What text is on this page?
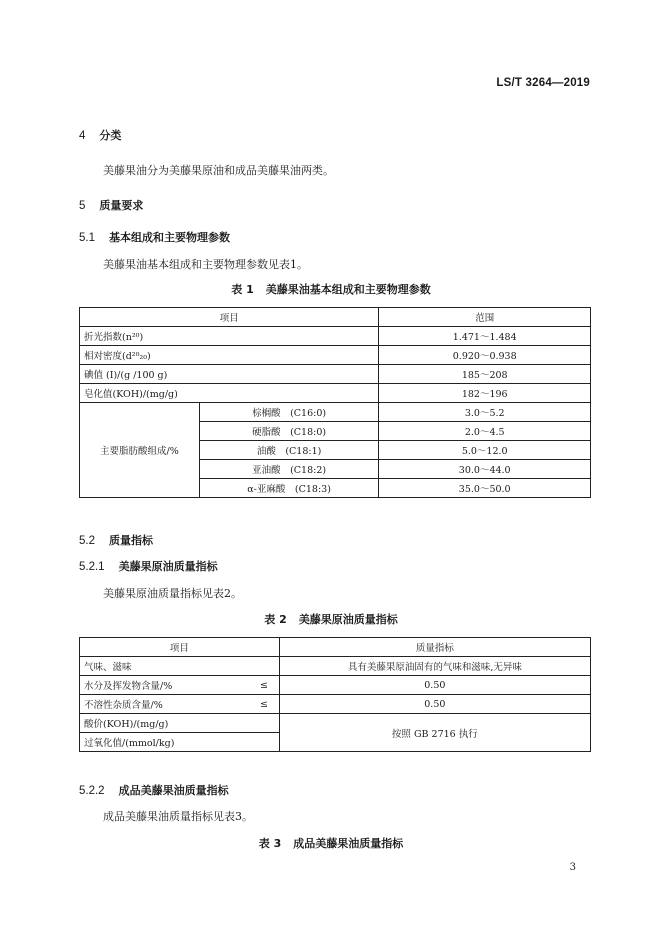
LS/T 3264—2019
4 分类
美藤果油分为美藤果原油和成品美藤果油两类。
5 质量要求
5.1 基本组成和主要物理参数
美藤果油基本组成和主要物理参数见表1。
表 1 美藤果油基本组成和主要物理参数
项目		范围
折光指数(n²⁰)		1.471～1.484
相对密度(d²⁰₂₀)		0.920～0.938
碘值 (I)/(g /100 g)		185～208
皂化值(KOH)/(mg/g)		182～196
主要脂肪酸组成/%	棕榈酸　(C16:0)	3.0～5.2
	硬脂酸　(C18:0)	2.0～4.5
	油酸　(C18:1)	5.0～12.0
	亚油酸　(C18:2)	30.0～44.0
	α-亚麻酸　(C18:3)	35.0～50.0
5.2 质量指标
5.2.1 美藤果原油质量指标
美藤果原油质量指标见表2。
表 2 美藤果原油质量指标
项目		质量指标
气味、滋味		具有美藤果原油固有的气味和滋味,无异味
水分及挥发物含量/%	≤	0.50
不溶性杂质含量/%	≤	0.50
酸价(KOH)/(mg/g)		按照 GB 2716 执行
过氧化值/(mmol/kg)		
5.2.2 成品美藤果油质量指标
成品美藤果油质量指标见表3。
表 3 成品美藤果油质量指标
3
